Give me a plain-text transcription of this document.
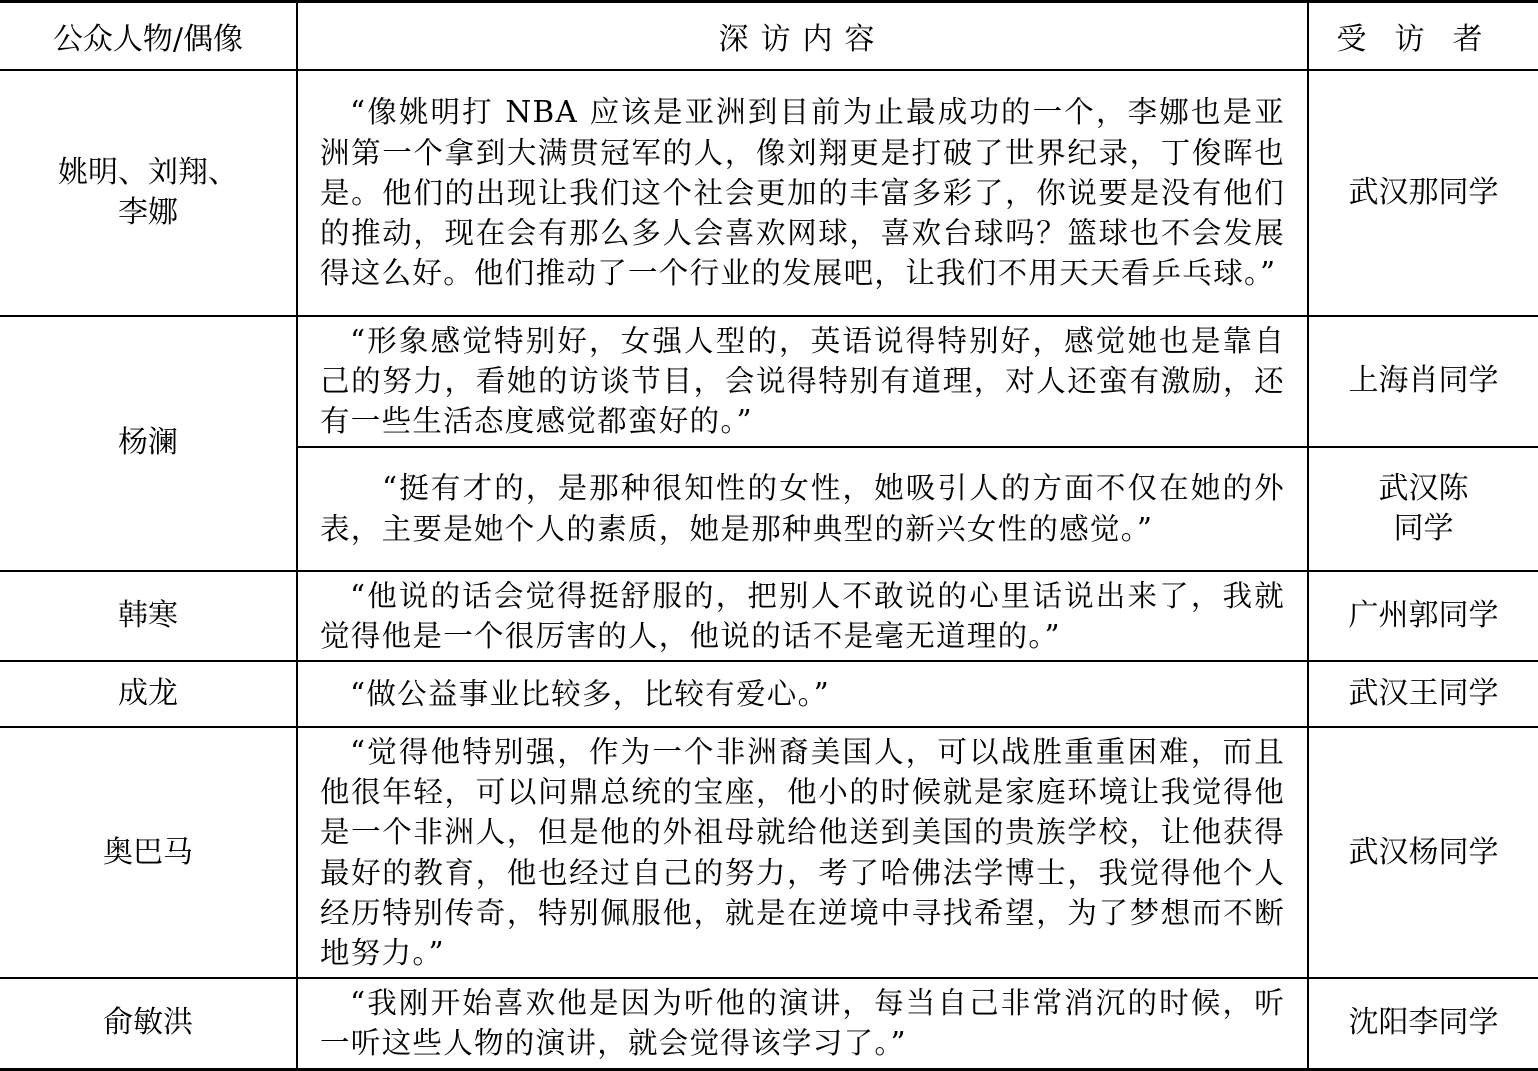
公众人物/偶像	深访内容	受访者
姚明、刘翔、李娜	“像姚明打 NBA 应该是亚洲到目前为止最成功的一个，李娜也是亚洲第一个拿到大满贯冠军的人，像刘翔更是打破了世界纪录，丁俊晖也是。他们的出现让我们这个社会更加的丰富多彩了，你说要是没有他们的推动，现在会有那么多人会喜欢网球，喜欢台球吗？篮球也不会发展得这么好。他们推动了一个行业的发展吧，让我们不用天天看乒乓球。”	武汉那同学
杨澜	“形象感觉特别好，女强人型的，英语说得特别好，感觉她也是靠自己的努力，看她的访谈节目，会说得特别有道理，对人还蛮有激励，还有一些生活态度感觉都蛮好的。”	上海肖同学

	“挺有才的，是那种很知性的女性，她吸引人的方面不仅在她的外表，主要是她个人的素质，她是那种典型的新兴女性的感觉。”	武汉陈同学
韩寒	“他说的话会觉得挺舒服的，把别人不敢说的心里话说出来了，我就觉得他是一个很厉害的人，他说的话不是毫无道理的。”	广州郭同学
成龙	“做公益事业比较多，比较有爱心。”	武汉王同学
奥巴马	“觉得他特别强，作为一个非洲裔美国人，可以战胜重重困难，而且他很年轻，可以问鼎总统的宝座，他小的时候就是家庭环境让我觉得他是一个非洲人，但是他的外祖母就给他送到美国的贵族学校，让他获得最好的教育，他也经过自己的努力，考了哈佛法学博士，我觉得他个人经历特别传奇，特别佩服他，就是在逆境中寻找希望，为了梦想而不断地努力。”	武汉杨同学
俞敏洪	“我刚开始喜欢他是因为听他的演讲，每当自己非常消沉的时候，听一听这些人物的演讲，就会觉得该学习了。”	沈阳李同学
